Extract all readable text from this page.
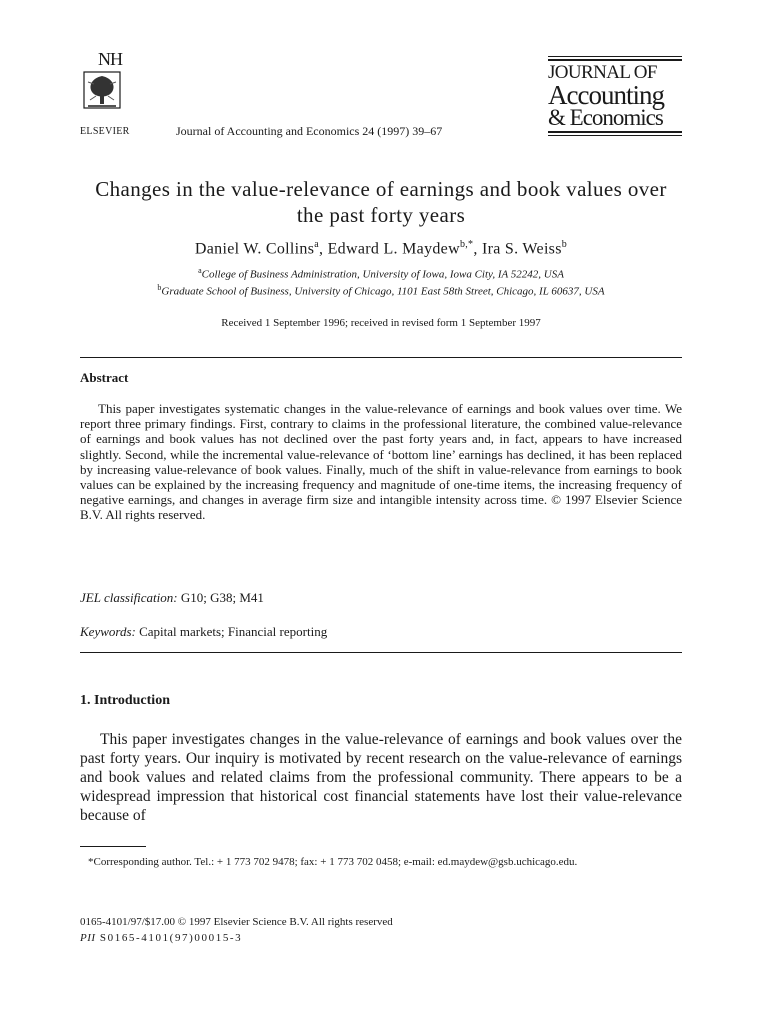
NH
ELSEVIER	Journal of Accounting and Economics 24 (1997) 39–67
JOURNAL OF
Accounting
& Economics
Changes in the value-relevance of earnings and book values over the past forty years
Daniel W. Collins$^a$, Edward L. Maydew$^{b,*}$, Ira S. Weiss$^b$
$^a$College of Business Administration, University of Iowa, Iowa City, IA 52242, USA
$^b$Graduate School of Business, University of Chicago, 1101 East 58th Street, Chicago, IL 60637, USA
Received 1 September 1996; received in revised form 1 September 1997
Abstract
This paper investigates systematic changes in the value-relevance of earnings and book values over time. We report three primary findings. First, contrary to claims in the professional literature, the combined value-relevance of earnings and book values has not declined over the past forty years and, in fact, appears to have increased slightly. Second, while the incremental value-relevance of ‘bottom line’ earnings has declined, it has been replaced by increasing value-relevance of book values. Finally, much of the shift in value-relevance from earnings to book values can be explained by the increasing frequency and magnitude of one-time items, the increasing frequency of negative earnings, and changes in average firm size and intangible intensity across time. © 1997 Elsevier Science B.V. All rights reserved.
JEL classification: G10; G38; M41
Keywords: Capital markets; Financial reporting
1. Introduction
This paper investigates changes in the value-relevance of earnings and book values over the past forty years. Our inquiry is motivated by recent research on the value-relevance of earnings and book values and related claims from the professional community. There appears to be a widespread impression that historical cost financial statements have lost their value-relevance because of
*Corresponding author. Tel.: + 1 773 702 9478; fax: + 1 773 702 0458; e-mail: ed.maydew@gsb.uchicago.edu.
0165-4101/97/$17.00 © 1997 Elsevier Science B.V. All rights reserved
PII S0165-4101(97)00015-3
